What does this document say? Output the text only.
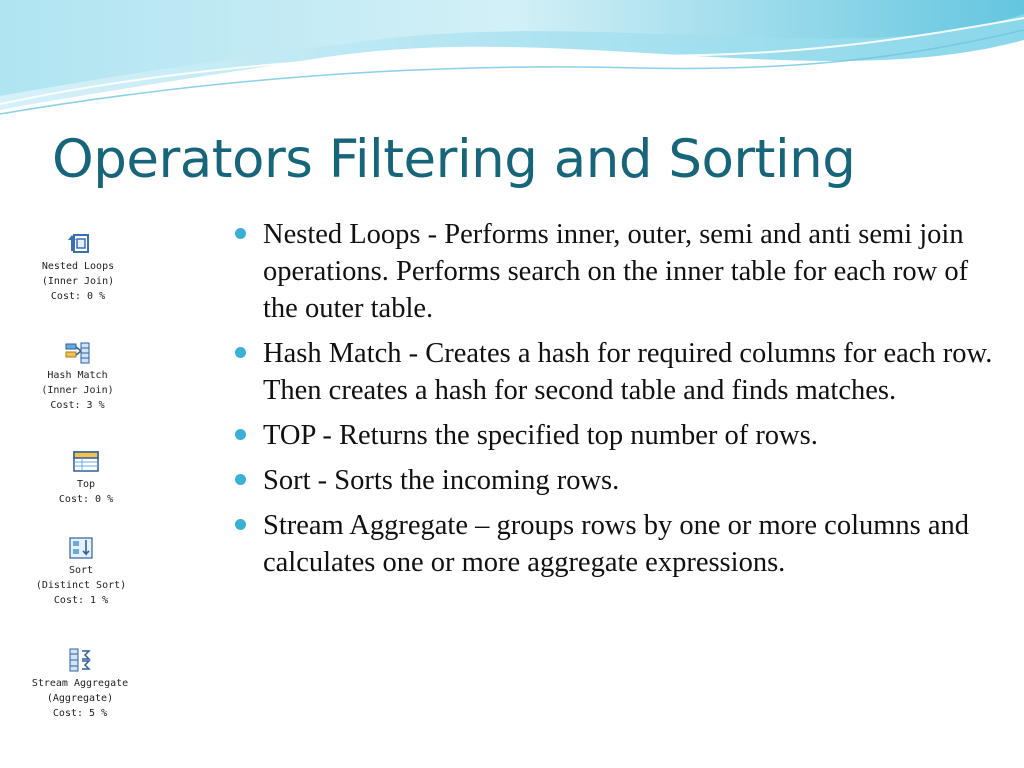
Operators Filtering and Sorting
Nested Loops
(Inner Join)
Cost: 0 %
Hash Match
(Inner Join)
Cost: 3 %
Top
Cost: 0 %
Sort
(Distinct Sort)
Cost: 1 %
Stream Aggregate
(Aggregate)
Cost: 5 %
Nested Loops - Performs inner, outer, semi and anti semi join operations. Performs search on the inner table for each row of the outer table.
Hash Match - Creates a hash for required columns for each row. Then creates a hash for second table and finds matches.
TOP - Returns the specified top number of rows.
Sort - Sorts the incoming rows.
Stream Aggregate – groups rows by one or more columns and calculates one or more aggregate expressions.
